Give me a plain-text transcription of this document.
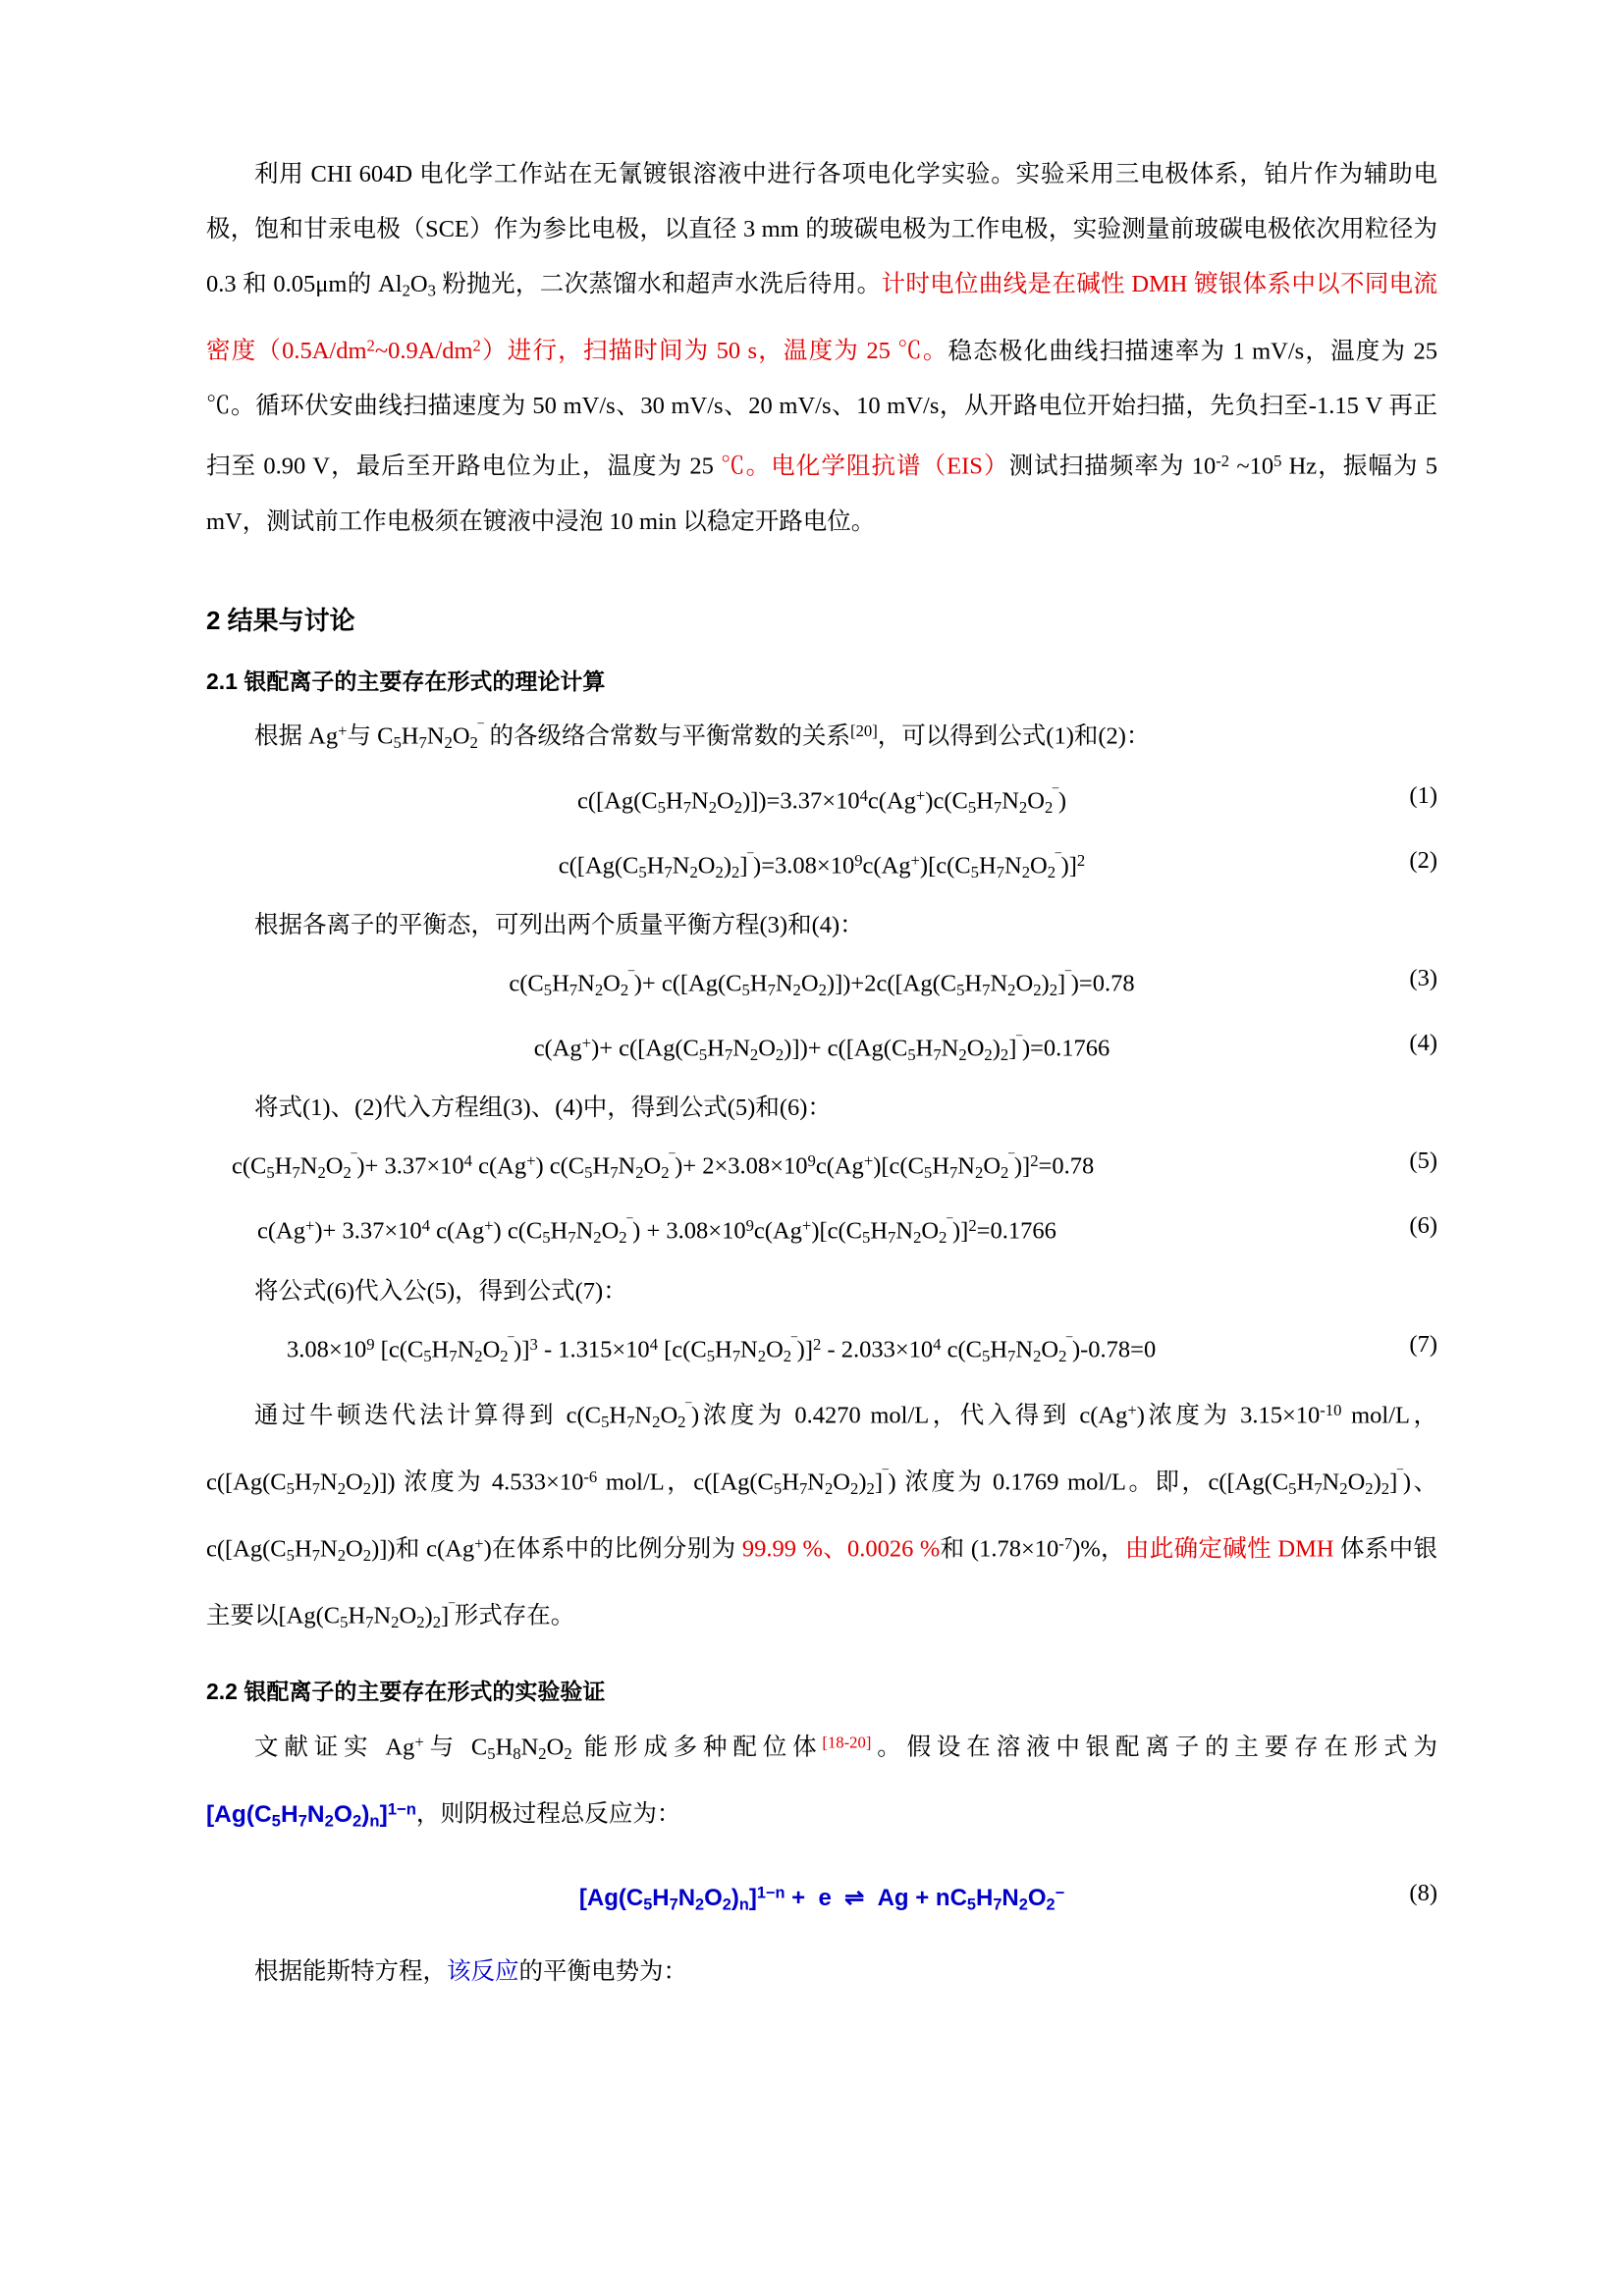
利用 CHI 604D 电化学工作站在无氰镀银溶液中进行各项电化学实验。实验采用三电极体系，铂片作为辅助电极，饱和甘汞电极（SCE）作为参比电极，以直径 3 mm 的玻碳电极为工作电极，实验测量前玻碳电极依次用粒径为 0.3 和 0.05μm的 $Al_2O_3$ 粉抛光，二次蒸馏水和超声水洗后待用。计时电位曲线是在碱性 DMH 镀银体系中以不同电流密度$(0.5A/dm^2\sim 0.9A/dm^2)$进行，扫描时间为 50 s，温度为 25 ℃。稳态极化曲线扫描速率为 1 mV/s，温度为 25 ℃。循环伏安曲线扫描速度为 50 mV/s、30 mV/s、20 mV/s、10 mV/s，从开路电位开始扫描，先负扫至-1.15 V 再正扫至 0.90 V，最后至开路电位为止，温度为 25 ℃。电化学阻抗谱（EIS）测试扫描频率为 $10^{-2}$ $\sim 10^5$ Hz，振幅为 5 mV，测试前工作电极须在镀液中浸泡 10 min 以稳定开路电位。

2 结果与讨论
2.1 银配离子的主要存在形式的理论计算
根据 Ag+与 $C_5H_7N_2O_2^‾$ 的各级络合常数与平衡常数的关系[20]，可以得到公式(1)和(2)：
$c([Ag(C_5H_7N_2O_2)])=3.37\times 10^4c(Ag^+)c(C_5H_7N_2O_2^‾)$	(1)
$c([Ag(C_5H_7N_2O_2)_2]^‾)=3.08\times 10^9c(Ag^+)[c(C_5H_7N_2O_2^‾)]^2$	(2)
根据各离子的平衡态，可列出两个质量平衡方程(3)和(4)：
$c(C_5H_7N_2O_2^‾)+ c([Ag(C_5H_7N_2O_2)])+2c([Ag(C_5H_7N_2O_2)_2]^‾)=0.78$	(3)
$c(Ag^+)+ c([Ag(C_5H_7N_2O_2)])+ c([Ag(C_5H_7N_2O_2)_2]^‾)=0.1766$	(4)
将式(1)、(2)代入方程组(3)、(4)中，得到公式(5)和(6)：
$c(C_5H_7N_2O_2^‾)+ 3.37\times 10^4$ c(Ag+) $c(C_5H_7N_2O_2^‾)+ 2\times 3.08\times 10^9c(Ag^+)[c(C_5H_7N_2O_2^‾)]^2=0.78$	(5)
$c(Ag^+)+ 3.37\times 10^4$ c(Ag+) $c(C_5H_7N_2O_2^‾) + 3.08\times 10^9c(Ag^+)[c(C_5H_7N_2O_2^‾)]^2=0.1766$	(6)
将公式(6)代入公(5)，得到公式(7)：
$3.08\times 10^9$ $[c(C_5H_7N_2O_2^‾)]^3 - 1.315\times 10^4$ $[c(C_5H_7N_2O_2^‾)]^2 - 2.033\times 10^4$ $c(C_5H_7N_2O_2^‾)-0.78=0$	(7)

通过牛顿迭代法计算得到 $c(C_5H_7N_2O_2^‾)$浓度为 0.4270 mol/L，代入得到 c(Ag+)浓度为 $3.15\times 10^{-10}$ mol/L，$c([Ag(C_5H_7N_2O_2)])$ 浓度为 $4.533\times 10^{-6}$ mol/L，$c([Ag(C_5H_7N_2O_2)_2]^‾)$ 浓度为 0.1769 mol/L。即，$c([Ag(C_5H_7N_2O_2)_2]^‾)$、$c([Ag(C_5H_7N_2O_2)])$和 c(Ag+)在体系中的比例分别为 99.99 %、0.0026 %和 $(1.78\times 10^{-7})\%$，由此确定碱性 DMH 体系中银主要以$[Ag(C_5H_7N_2O_2)_2]^‾$形式存在。

2.2 银配离子的主要存在形式的实验验证

文献证实 Ag+与 $C_5H_8N_2O_2$ 能形成多种配位体[18-20]。假设在溶液中银配离子的主要存在形式为 $[Ag(C_5H_7N_2O_2)_n]^{1-n}$，则阴极过程总反应为：

$[Ag(C_5H_7N_2O_2)_n]^{1-n} + e$  ⇌  $Ag + nC_5H_7N_2O_2^-$	(8)
根据能斯特方程，该反应的平衡电势为：
